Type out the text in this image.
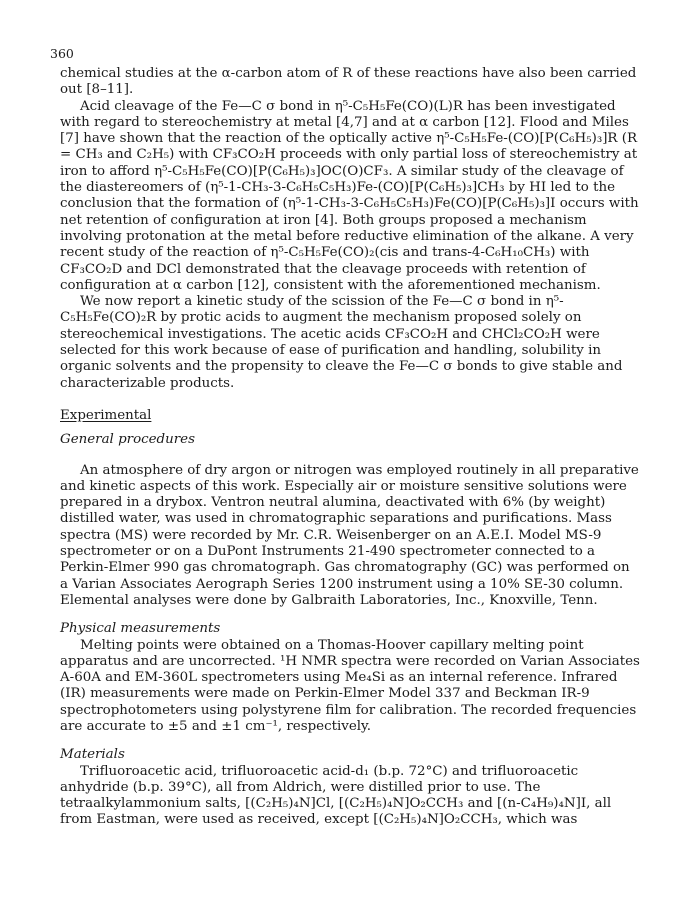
360

chemical studies at the α-carbon atom of R of these reactions have also been carried out [8–11].

Acid cleavage of the Fe—C σ bond in η⁵-C₅H₅Fe(CO)(L)R has been investigated with regard to stereochemistry at metal [4,7] and at α carbon [12]. Flood and Miles [7] have shown that the reaction of the optically active η⁵-C₅H₅Fe-(CO)[P(C₆H₅)₃]R (R = CH₃ and C₂H₅) with CF₃CO₂H proceeds with only partial loss of stereochemistry at iron to afford η⁵-C₅H₅Fe(CO)[P(C₆H₅)₃]OC(O)CF₃. A similar study of the cleavage of the diastereomers of (η⁵-1-CH₃-3-C₆H₅C₅H₃)Fe-(CO)[P(C₆H₅)₃]CH₃ by HI led to the conclusion that the formation of (η⁵-1-CH₃-3-C₆H₅C₅H₃)Fe(CO)[P(C₆H₅)₃]I occurs with net retention of configuration at iron [4]. Both groups proposed a mechanism involving protonation at the metal before reductive elimination of the alkane. A very recent study of the reaction of η⁵-C₅H₅Fe(CO)₂(cis and trans-4-C₆H₁₀CH₃) with CF₃CO₂D and DCl demonstrated that the cleavage proceeds with retention of configuration at α carbon [12], consistent with the aforementioned mechanism.

We now report a kinetic study of the scission of the Fe—C σ bond in η⁵-C₅H₅Fe(CO)₂R by protic acids to augment the mechanism proposed solely on stereochemical investigations. The acetic acids CF₃CO₂H and CHCl₂CO₂H were selected for this work because of ease of purification and handling, solubility in organic solvents and the propensity to cleave the Fe—C σ bonds to give stable and characterizable products.

Experimental

General procedures

An atmosphere of dry argon or nitrogen was employed routinely in all preparative and kinetic aspects of this work. Especially air or moisture sensitive solutions were prepared in a drybox. Ventron neutral alumina, deactivated with 6% (by weight) distilled water, was used in chromatographic separations and purifications. Mass spectra (MS) were recorded by Mr. C.R. Weisenberger on an A.E.I. Model MS-9 spectrometer or on a DuPont Instruments 21-490 spectrometer connected to a Perkin-Elmer 990 gas chromatograph. Gas chromatography (GC) was performed on a Varian Associates Aerograph Series 1200 instrument using a 10% SE-30 column. Elemental analyses were done by Galbraith Laboratories, Inc., Knoxville, Tenn.

Physical measurements

Melting points were obtained on a Thomas-Hoover capillary melting point apparatus and are uncorrected. ¹H NMR spectra were recorded on Varian Associates A-60A and EM-360L spectrometers using Me₄Si as an internal reference. Infrared (IR) measurements were made on Perkin-Elmer Model 337 and Beckman IR-9 spectrophotometers using polystyrene film for calibration. The recorded frequencies are accurate to ±5 and ±1 cm⁻¹, respectively.

Materials

Trifluoroacetic acid, trifluoroacetic acid-d₁ (b.p. 72°C) and trifluoroacetic anhydride (b.p. 39°C), all from Aldrich, were distilled prior to use. The tetraalkylammonium salts, [(C₂H₅)₄N]Cl, [(C₂H₅)₄N]O₂CCH₃ and [(n-C₄H₉)₄N]I, all from Eastman, were used as received, except [(C₂H₅)₄N]O₂CCH₃, which was
